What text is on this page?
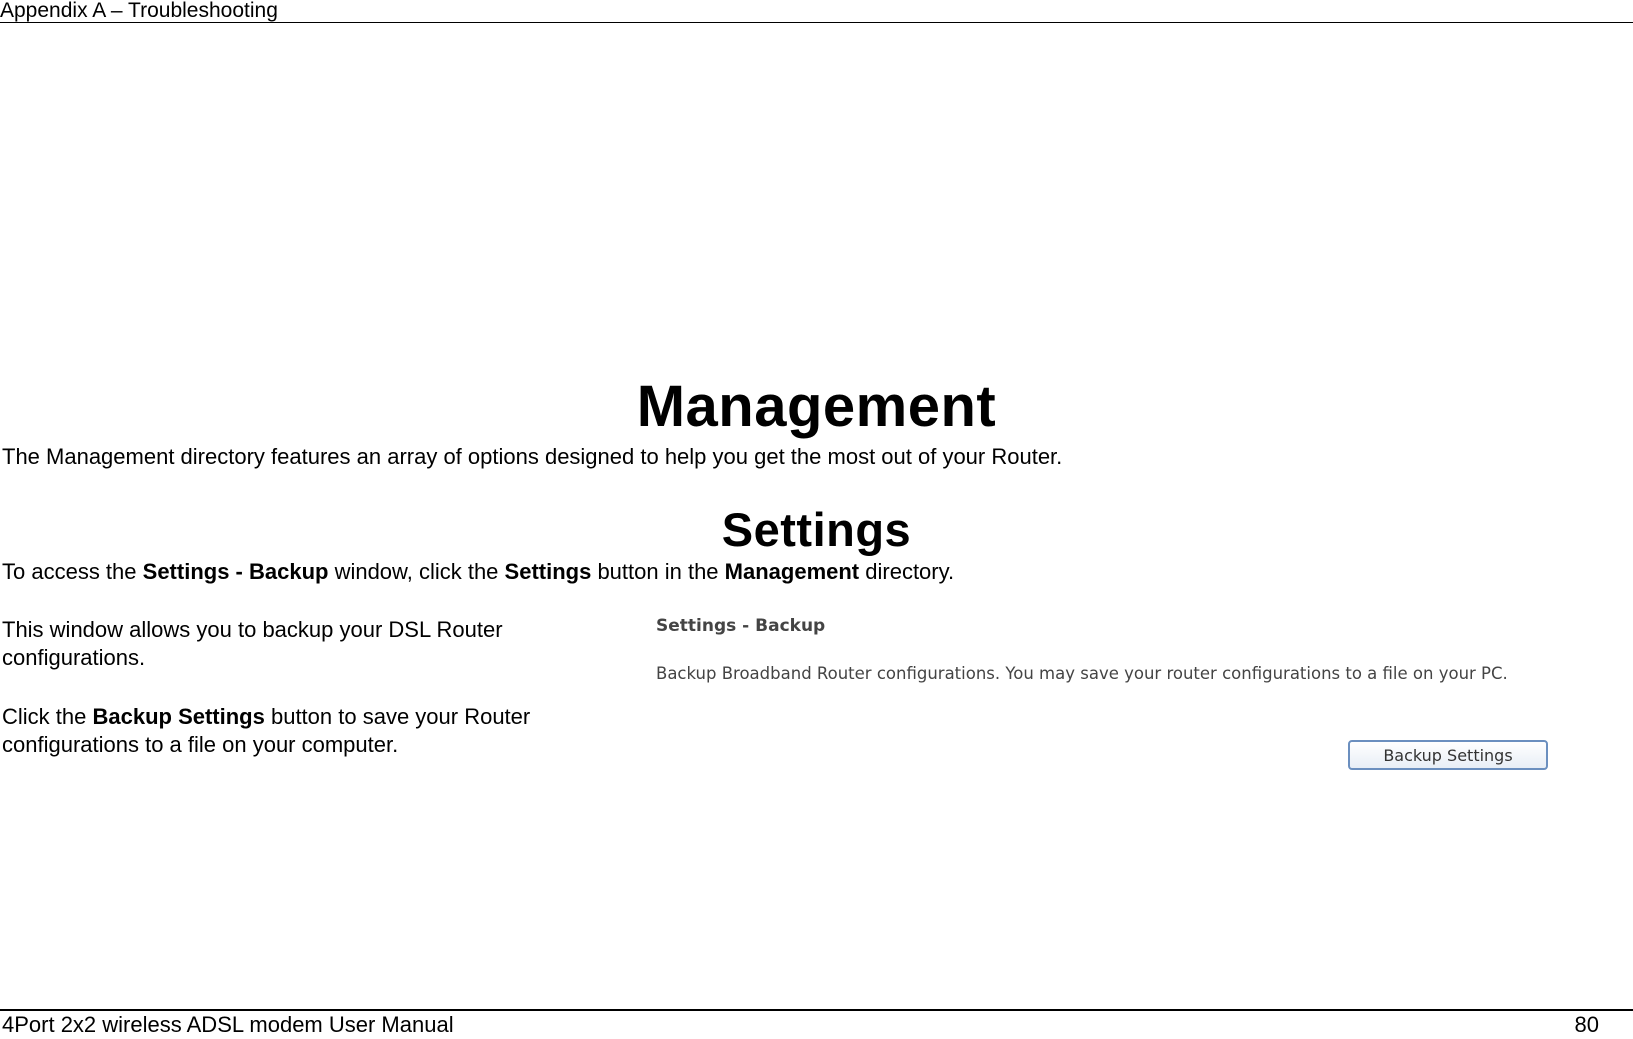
Appendix A – Troubleshooting
Management
The Management directory features an array of options designed to help you get the most out of your Router.
Settings
To access the Settings - Backup window, click the Settings button in the Management directory.
This window allows you to backup your DSL Router configurations.
Click the Backup Settings button to save your Router configurations to a file on your computer.
Settings - Backup
Backup Broadband Router configurations. You may save your router configurations to a file on your PC.
Backup Settings
4Port 2x2 wireless ADSL modem User Manual	80
